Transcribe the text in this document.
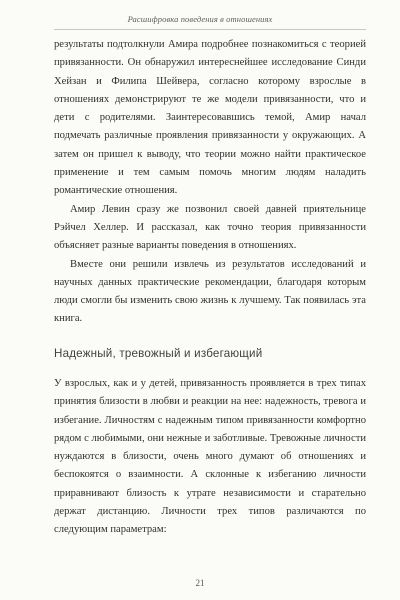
Расшифровка поведения в отношениях

результаты подтолкнули Амира подробнее познакомиться с теорией привязанности. Он обнаружил интереснейшее исследование Синди Хейзан и Филипа Шейвера, согласно которому взрослые в отношениях демонстрируют те же модели привязанности, что и дети с родителями. Заинтересовавшись темой, Амир начал подмечать различные проявления привязанности у окружающих. А затем он пришел к выводу, что теории можно найти практическое применение и тем самым помочь многим людям наладить романтические отношения.

Амир Левин сразу же позвонил своей давней приятельнице Рэйчел Хеллер. И рассказал, как точно теория привязанности объясняет разные варианты поведения в отношениях.

Вместе они решили извлечь из результатов исследований и научных данных практические рекомендации, благодаря которым люди смогли бы изменить свою жизнь к лучшему. Так появилась эта книга.

Надежный, тревожный и избегающий

У взрослых, как и у детей, привязанность проявляется в трех типах принятия близости в любви и реакции на нее: надежность, тревога и избегание. Личностям с надежным типом привязанности комфортно рядом с любимыми, они нежные и заботливые. Тревожные личности нуждаются в близости, очень много думают об отношениях и беспокоятся о взаимности. А склонные к избеганию личности приравнивают близость к утрате независимости и старательно держат дистанцию. Личности трех типов различаются по следующим параметрам:

21
